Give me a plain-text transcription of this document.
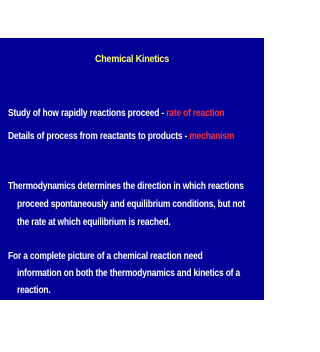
Chemical Kinetics
Study of how rapidly reactions proceed - rate of reaction
Details of process from reactants to products - mechanism
Thermodynamics determines the direction in which reactions
proceed spontaneously and equilibrium conditions, but not
the rate at which equilibrium is reached.
For a complete picture of a chemical reaction need
information on both the thermodynamics and kinetics of a
reaction.
